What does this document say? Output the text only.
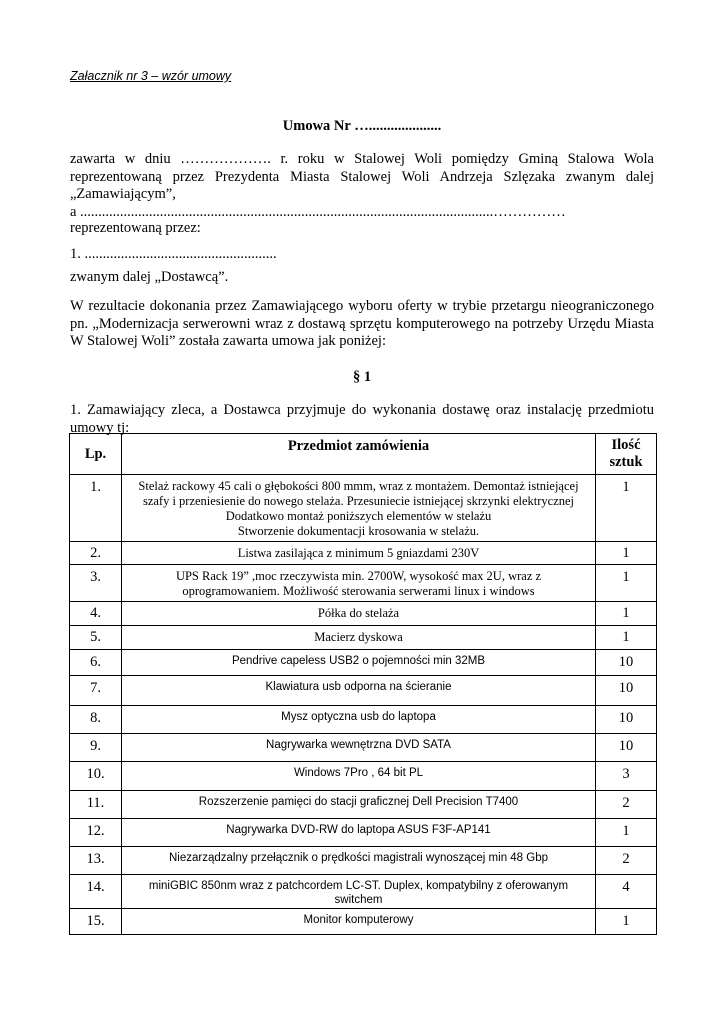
Załacznik nr 3 – wzór umowy
Umowa Nr …....................
zawarta w dniu ………………. r. roku w Stalowej Woli pomiędzy Gminą Stalowa Wola reprezentowaną przez Prezydenta Miasta Stalowej Woli Andrzeja Szlęzaka zwanym dalej „Zamawiającym”,
a ..................................................................................................................……………
reprezentowaną przez:
1. .....................................................
zwanym dalej „Dostawcą”.
W rezultacie dokonania przez Zamawiającego wyboru oferty w trybie przetargu nieograniczonego pn. „Modernizacja serwerowni wraz z dostawą sprzętu komputerowego na potrzeby Urzędu Miasta W Stalowej Woli” została zawarta umowa jak poniżej:
§ 1
1. Zamawiający zleca, a Dostawca przyjmuje do wykonania dostawę oraz instalację przedmiotu umowy tj:
Lp.	Przedmiot zamówienia	Ilość sztuk
1.	Stelaż rackowy 45 cali o głębokości 800 mmm, wraz z montażem. Demontaż istniejącej szafy i przeniesienie do nowego stelaża. Przesuniecie istniejącej skrzynki elektrycznej
Dodatkowo montaż poniższych elementów w stelażu
Stworzenie dokumentacji krosowania w stelażu.	1
2.	Listwa zasilająca z minimum 5 gniazdami 230V	1
3.	UPS Rack 19” ,moc rzeczywista min. 2700W, wysokość max 2U, wraz z
oprogramowaniem. Możliwość sterowania serwerami linux i windows	1
4.	Półka do stelaża	1
5.	Macierz dyskowa	1
6.	Pendrive capeless USB2 o pojemności min 32MB	10
7.	Klawiatura usb odporna na ścieranie	10
8.	Mysz optyczna usb do laptopa	10
9.	Nagrywarka wewnętrzna DVD SATA	10
10.	Windows 7Pro , 64 bit PL	3
11.	Rozszerzenie pamięci do stacji graficznej Dell Precision T7400	2
12.	Nagrywarka DVD-RW do laptopa ASUS F3F-AP141	1
13.	Niezarządzalny przełącznik o prędkości magistrali wynoszącej min 48 Gbp	2
14.	miniGBIC 850nm wraz z patchcordem LC-ST. Duplex, kompatybilny z oferowanym
switchem	4
15.	Monitor komputerowy	1
